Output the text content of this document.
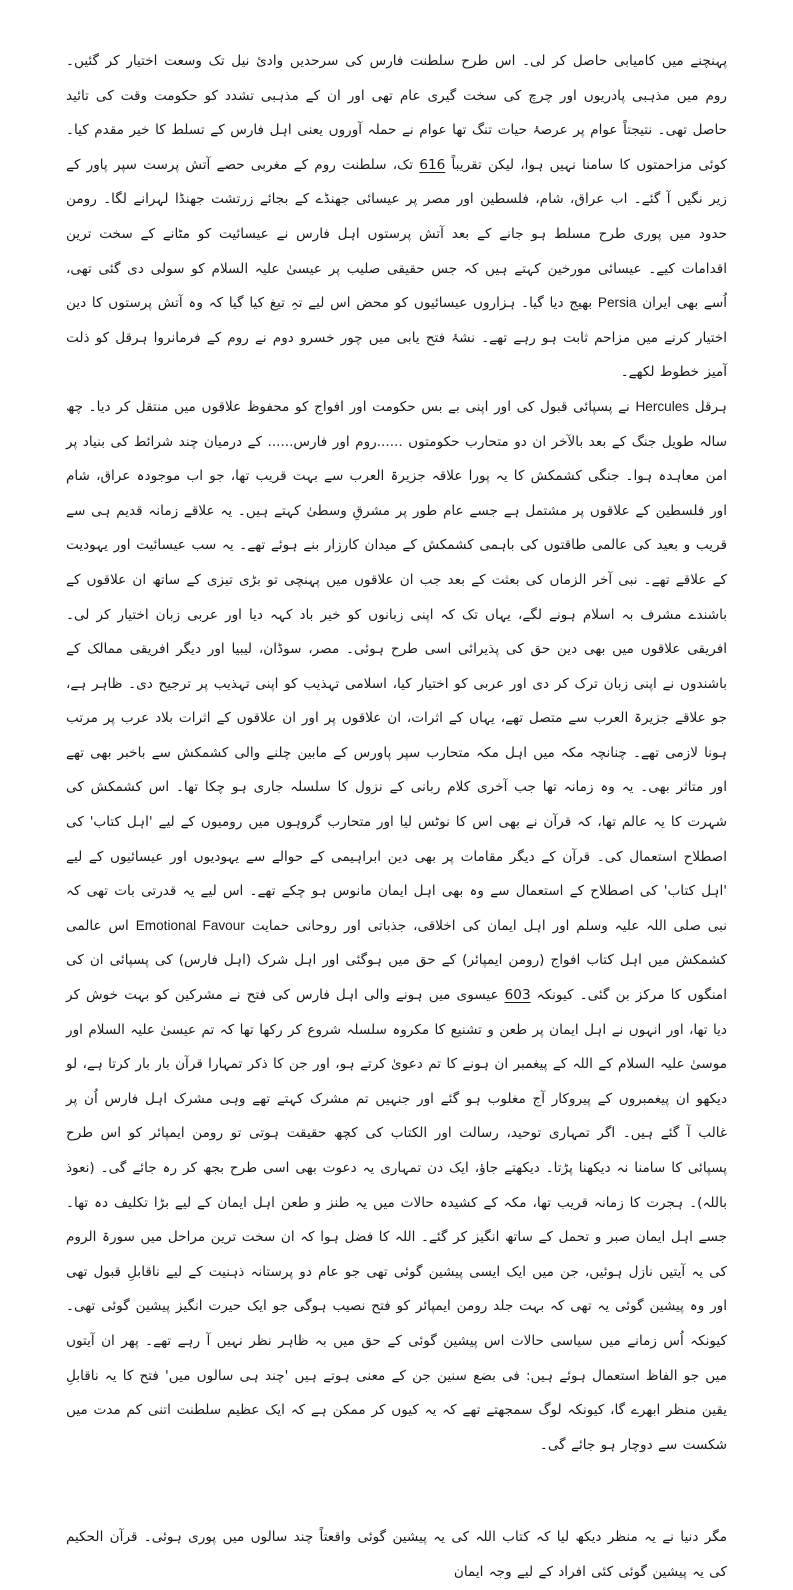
پہنچنے میں کامیابی حاصل کر لی۔ اس طرح سلطنت فارس کی سرحدیں وادئ نیل تک وسعت اختیار کر گئیں۔ روم میں مذہبی پادریوں اور چرچ کی سخت گیری عام تھی اور ان کے مذہبی تشدد کو حکومت وقت کی تائید حاصل تھی۔ نتیجتاً عوام پر عرصۂ حیات تنگ تھا عوام نے حملہ آوروں یعنی اہل فارس کے تسلط کا خیر مقدم کیا۔ کوئی مزاحمتوں کا سامنا نہیں ہوا، لیکن تقریباً 616 تک، سلطنت روم کے مغربی حصے آتش پرست سپر پاور کے زیر نگیں آ گئے۔ اب عراق، شام، فلسطین اور مصر پر عیسائی جھنڈے کے بجائے زرتشت جھنڈا لہرانے لگا۔ رومن حدود میں پوری طرح مسلط ہو جانے کے بعد آتش پرستوں اہل فارس نے عیسائیت کو مٹانے کے سخت ترین اقدامات کیے۔ عیسائی مورخین کہتے ہیں کہ جس حقیقی صلیب پر عیسیٰ علیہ السلام کو سولی دی گئی تھی، اُسے بھی ایران Persia بھیج دیا گیا۔ ہزاروں عیسائیوں کو محض اس لیے تہِ تیغ کیا گیا کہ وہ آتش پرستوں کا دین اختیار کرنے میں مزاحم ثابت ہو رہے تھے۔ نشۂ فتح یابی میں چور خسرو دوم نے روم کے فرمانروا ہرقل کو ذلت آمیز خطوط لکھے۔

ہرقل Hercules نے پسپائی قبول کی اور اپنی بے بس حکومت اور افواج کو محفوظ علاقوں میں منتقل کر دیا۔ چھ سالہ طویل جنگ کے بعد بالآخر ان دو متحارب حکومتوں ......روم اور فارس...... کے درمیان چند شرائط کی بنیاد پر امن معاہدہ ہوا۔ جنگی کشمکش کا یہ پورا علاقہ جزیرۃ العرب سے بہت قریب تھا، جو اب موجودہ عراق، شام اور فلسطین کے علاقوں پر مشتمل ہے جسے عام طور پر مشرقِ وسطیٰ کہتے ہیں۔ یہ علاقے زمانہ قدیم ہی سے قریب و بعید کی عالمی طاقتوں کی باہمی کشمکش کے میدان کارزار بنے ہوئے تھے۔ یہ سب عیسائیت اور یہودیت کے علاقے تھے۔ نبی آخر الزماں کی بعثت کے بعد جب ان علاقوں میں پہنچی تو بڑی تیزی کے ساتھ ان علاقوں کے باشندے مشرف بہ اسلام ہونے لگے، یہاں تک کہ اپنی زبانوں کو خیر باد کہہ دیا اور عربی زبان اختیار کر لی۔ افریقی علاقوں میں بھی دین حق کی پذیرائی اسی طرح ہوئی۔ مصر، سوڈان، لیبیا اور دیگر افریقی ممالک کے باشندوں نے اپنی زبان ترک کر دی اور عربی کو اختیار کیا، اسلامی تہذیب کو اپنی تہذیب پر ترجیح دی۔ ظاہر ہے، جو علاقے جزیرۃ العرب سے متصل تھے، یہاں کے اثرات، ان علاقوں پر اور ان علاقوں کے اثرات بلاد عرب پر مرتب ہونا لازمی تھے۔ چنانچہ مکہ میں اہل مکہ متحارب سپر پاورس کے مابین چلنے والی کشمکش سے باخبر بھی تھے اور متاثر بھی۔ یہ وہ زمانہ تھا جب آخری کلام ربانی کے نزول کا سلسلہ جاری ہو چکا تھا۔ اس کشمکش کی شہرت کا یہ عالم تھا، کہ قرآن نے بھی اس کا نوٹس لیا اور متحارب گروہوں میں رومیوں کے لیے 'اہل کتاب' کی اصطلاح استعمال کی۔ قرآن کے دیگر مقامات پر بھی دین ابراہیمی کے حوالے سے یہودیوں اور عیسائیوں کے لیے 'اہل کتاب' کی اصطلاح کے استعمال سے وہ بھی اہل ایمان مانوس ہو چکے تھے۔ اس لیے یہ قدرتی بات تھی کہ نبی صلی اللہ علیہ وسلم اور اہل ایمان کی اخلاقی، جذباتی اور روحانی حمایت Emotional Favour اس عالمی کشمکش میں اہل کتاب افواج (رومن ایمپائر) کے حق میں ہوگئی اور اہل شرک (اہل فارس) کی پسپائی ان کی امنگوں کا مرکز بن گئی۔ کیونکہ 603 عیسوی میں ہونے والی اہل فارس کی فتح نے مشرکین کو بہت خوش کر دیا تھا، اور انہوں نے اہل ایمان پر طعن و تشنیع کا مکروہ سلسلہ شروع کر رکھا تھا کہ تم عیسیٰ علیہ السلام اور موسیٰ علیہ السلام کے اللہ کے پیغمبر ان ہونے کا تم دعویٰ کرتے ہو، اور جن کا ذکر تمہارا قرآن بار بار کرتا ہے، لو دیکھو ان پیغمبروں کے پیروکار آج مغلوب ہو گئے اور جنہیں تم مشرک کہتے تھے وہی مشرک اہل فارس اُن پر غالب آ گئے ہیں۔ اگر تمہاری توحید، رسالت اور الکتاب کی کچھ حقیقت ہوتی تو رومن ایمپائر کو اس طرح پسپائی کا سامنا نہ دیکھنا پڑتا۔ دیکھتے جاؤ، ایک دن تمہاری یہ دعوت بھی اسی طرح بجھ کر رہ جائے گی۔ (نعوذ باللہ)۔ ہجرت کا زمانہ قریب تھا، مکہ کے کشیدہ حالات میں یہ طنز و طعن اہل ایمان کے لیے بڑا تکلیف دہ تھا۔ جسے اہل ایمان صبر و تحمل کے ساتھ انگیز کر گئے۔ اللہ کا فضل ہوا کہ ان سخت ترین مراحل میں سورۃ الروم کی یہ آیتیں نازل ہوئیں، جن میں ایک ایسی پیشین گوئی تھی جو عام دو پرستانہ ذہنیت کے لیے ناقابلِ قبول تھی اور وہ پیشین گوئی یہ تھی کہ بہت جلد رومن ایمپائر کو فتح نصیب ہوگی جو ایک حیرت انگیز پیشین گوئی تھی۔ کیونکہ اُس زمانے میں سیاسی حالات اس پیشین گوئی کے حق میں بہ ظاہر نظر نہیں آ رہے تھے۔ پھر ان آیتوں میں جو الفاظ استعمال ہوئے ہیں: فی بضع سنین جن کے معنی ہوتے ہیں 'چند ہی سالوں میں' فتح کا یہ ناقابلِ یقین منظر ابھرے گا، کیونکہ لوگ سمجھتے تھے کہ یہ کیوں کر ممکن ہے کہ ایک عظیم سلطنت اتنی کم مدت میں شکست سے دوچار ہو جائے گی۔

مگر دنیا نے یہ منظر دیکھ لیا کہ کتاب اللہ کی یہ پیشین گوئی واقعتاً چند سالوں میں پوری ہوئی۔ قرآن الحکیم کی یہ پیشین گوئی کئی افراد کے لیے وجہ ایمان
